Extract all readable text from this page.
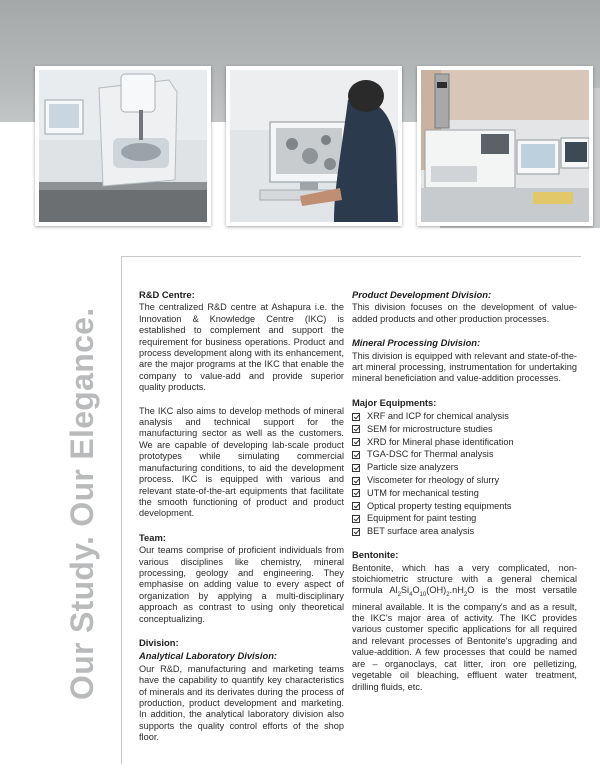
Our Study. Our Elegance.
R&D Centre:

The centralized R&D centre at Ashapura i.e. the Innovation & Knowledge Centre (IKC) is established to complement and support the requirement for business operations. Product and process development along with its enhancement, are the major programs at the IKC that enable the company to value-add and provide superior quality products.

The IKC also aims to develop methods of mineral analysis and technical support for the manufacturing sector as well as the customers. We are capable of developing lab-scale product prototypes while simulating commercial manufacturing conditions, to aid the development process. IKC is equipped with various and relevant state-of-the-art equipments that facilitate the smooth functioning of product and product development.

Team:

Our teams comprise of proficient individuals from various disciplines like chemistry, mineral processing, geology and engineering. They emphasise on adding value to every aspect of organization by applying a multi-disciplinary approach as contrast to using only theoretical conceptualizing.

Division:
Analytical Laboratory Division:

Our R&D, manufacturing and marketing teams have the capability to quantify key characteristics of minerals and its derivates during the process of production, product development and marketing. In addition, the analytical laboratory division also supports the quality control efforts of the shop floor.

Product Development Division:

This division focuses on the development of value-added products and other production processes.

Mineral Processing Division:

This division is equipped with relevant and state-of-the-art mineral processing, instrumentation for undertaking mineral beneficiation and value-addition processes.

Major Equipments:
XRF and ICP for chemical analysis
SEM for microstructure studies
XRD for Mineral phase identification
TGA-DSC for Thermal analysis
Particle size analyzers
Viscometer for rheology of slurry
UTM for mechanical testing
Optical property testing equipments
Equipment for paint testing
BET surface area analysis
Bentonite:

Bentonite, which has a very complicated, non-stoichiometric structure with a general chemical formula $Al_2Si_4O_{10}(OH)_2.nH_2O$ is the most versatile mineral available. It is the company's and as a result, the IKC's major area of activity. The IKC provides various customer specific applications for all required and relevant processes of Bentonite's upgrading and value-addition. A few processes that could be named are – organoclays, cat litter, iron ore pelletizing, vegetable oil bleaching, effluent water treatment, drilling fluids, etc.
